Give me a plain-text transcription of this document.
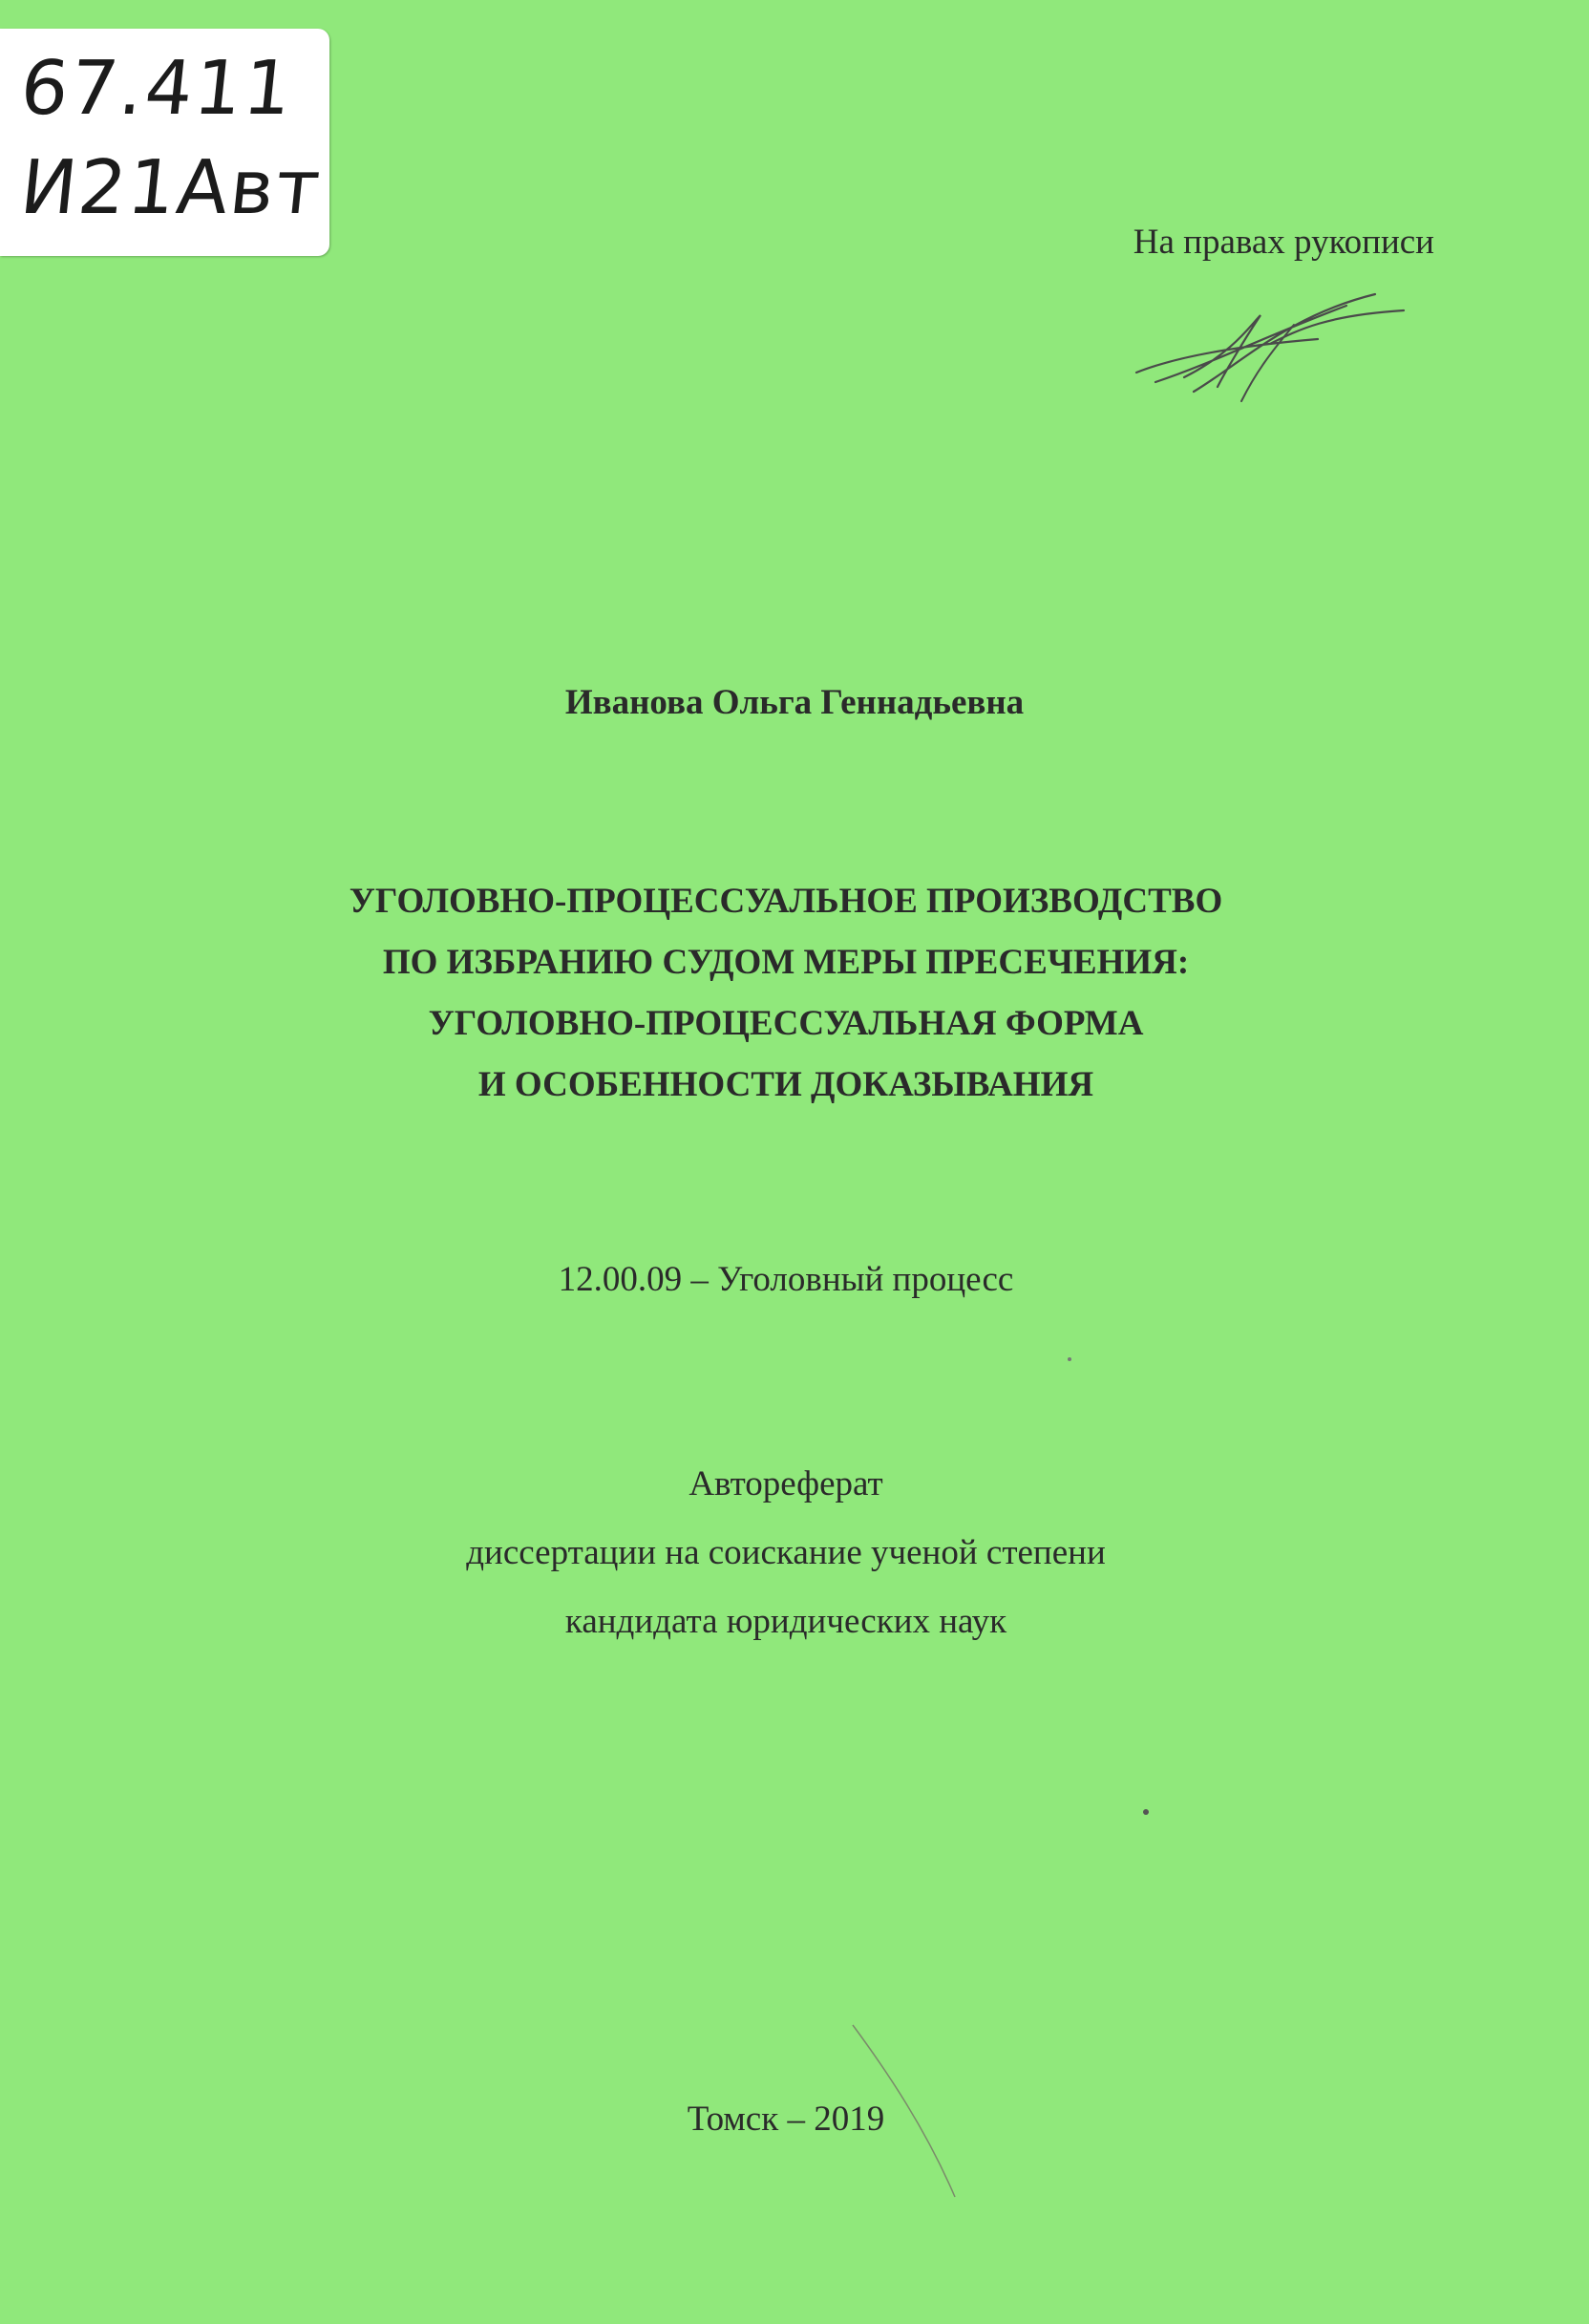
67.411
И21Авт
На правах рукописи
Иванова Ольга Геннадьевна
УГОЛОВНО-ПРОЦЕССУАЛЬНОЕ ПРОИЗВОДСТВО
ПО ИЗБРАНИЮ СУДОМ МЕРЫ ПРЕСЕЧЕНИЯ:
УГОЛОВНО-ПРОЦЕССУАЛЬНАЯ ФОРМА
И ОСОБЕННОСТИ ДОКАЗЫВАНИЯ
12.00.09 – Уголовный процесс
Автореферат
диссертации на соискание ученой степени
кандидата юридических наук
Томск – 2019
